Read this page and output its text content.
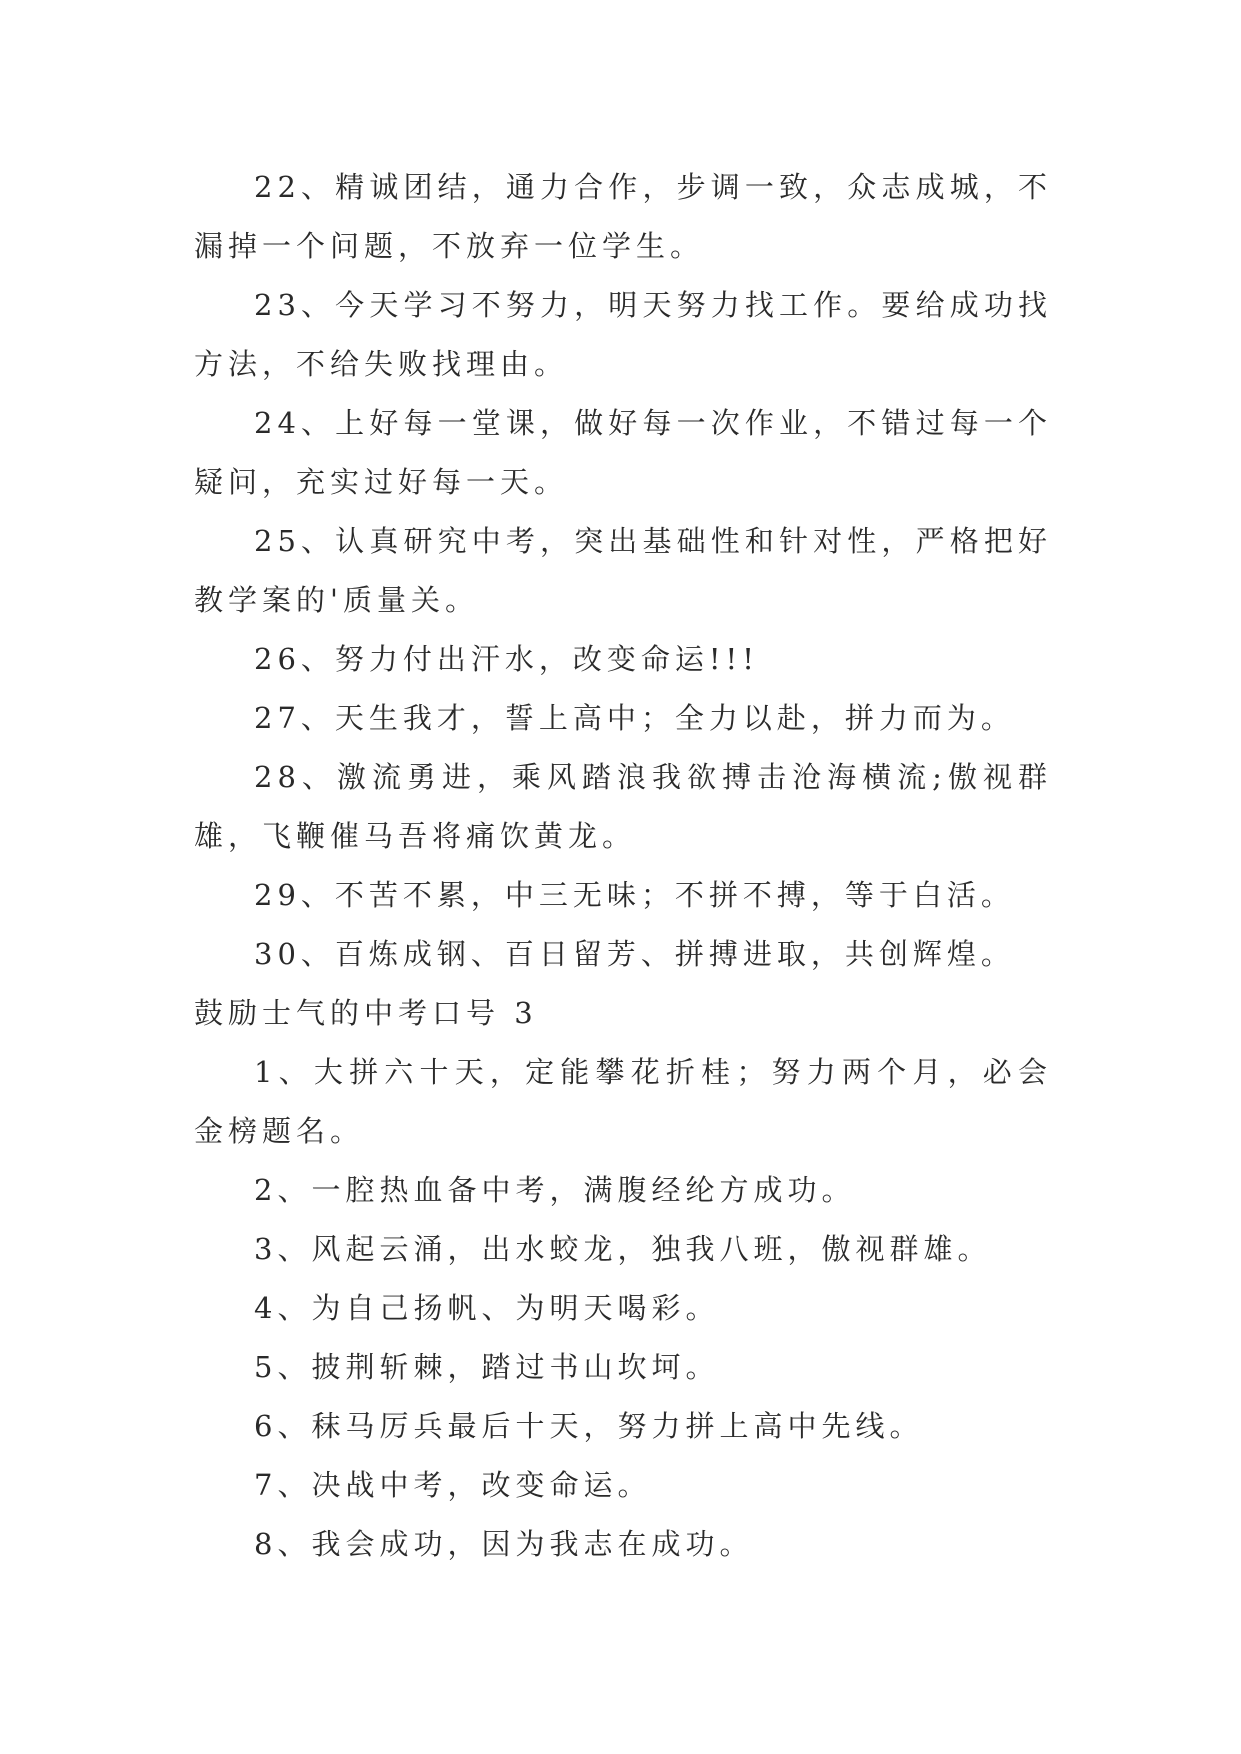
22、精诚团结，通力合作，步调一致，众志成城，不漏掉一个问题，不放弃一位学生。

23、今天学习不努力，明天努力找工作。要给成功找方法，不给失败找理由。

24、上好每一堂课，做好每一次作业，不错过每一个疑问，充实过好每一天。

25、认真研究中考，突出基础性和针对性，严格把好教学案的'质量关。

26、努力付出汗水，改变命运!!!

27、天生我才，誓上高中；全力以赴，拼力而为。

28、激流勇进，乘风踏浪我欲搏击沧海横流;傲视群雄，飞鞭催马吾将痛饮黄龙。

29、不苦不累，中三无味；不拼不搏，等于白活。

30、百炼成钢、百日留芳、拼搏进取，共创辉煌。

鼓励士气的中考口号 3

1、大拼六十天，定能攀花折桂；努力两个月，必会金榜题名。

2、一腔热血备中考，满腹经纶方成功。

3、风起云涌，出水蛟龙，独我八班，傲视群雄。

4、为自己扬帆、为明天喝彩。

5、披荆斩棘，踏过书山坎坷。

6、秣马厉兵最后十天，努力拼上高中先线。

7、决战中考，改变命运。

8、我会成功，因为我志在成功。
